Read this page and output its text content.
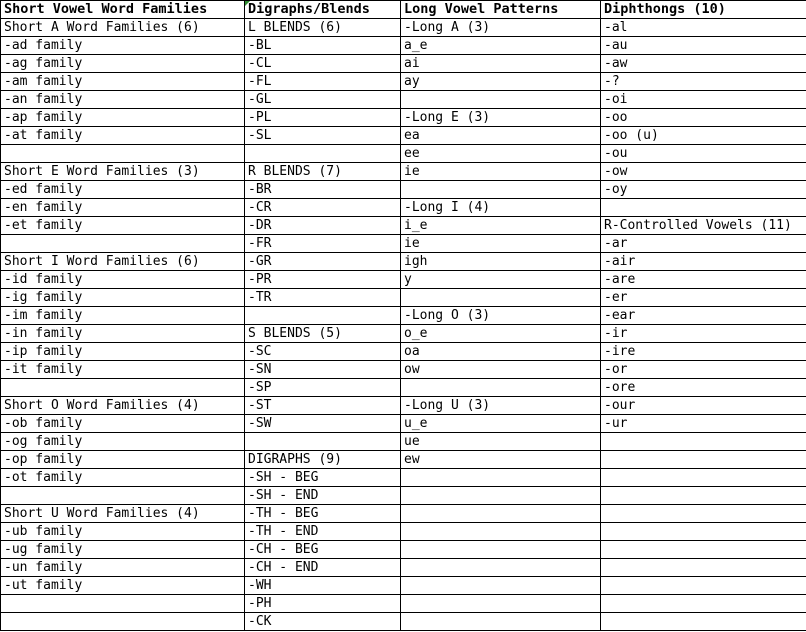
Short Vowel Word Families	Digraphs/Blends	Long Vowel Patterns	Diphthongs (10)
Short A Word Families (6)	L BLENDS (6)	-Long A (3)	-al
-ad family	-BL	a_e	-au
-ag family	-CL	ai	-aw
-am family	-FL	ay	-?
-an family	-GL		-oi
-ap family	-PL	-Long E (3)	-oo
-at family	-SL	ea	-oo (u)
		ee	-ou
Short E Word Families (3)	R BLENDS (7)	ie	-ow
-ed family	-BR		-oy
-en family	-CR	-Long I (4)	
-et family	-DR	i_e	R-Controlled Vowels (11)
	-FR	ie	-ar
Short I Word Families (6)	-GR	igh	-air
-id family	-PR	y	-are
-ig family	-TR		-er
-im family		-Long O (3)	-ear
-in family	S BLENDS (5)	o_e	-ir
-ip family	-SC	oa	-ire
-it family	-SN	ow	-or
	-SP		-ore
Short O Word Families (4)	-ST	-Long U (3)	-our
-ob family	-SW	u_e	-ur
-og family		ue	
-op family	DIGRAPHS (9)	ew	
-ot family	-SH - BEG		
	-SH - END		
Short U Word Families (4)	-TH - BEG		
-ub family	-TH - END		
-ug family	-CH - BEG		
-un family	-CH - END		
-ut family	-WH		
	-PH		
	-CK		
